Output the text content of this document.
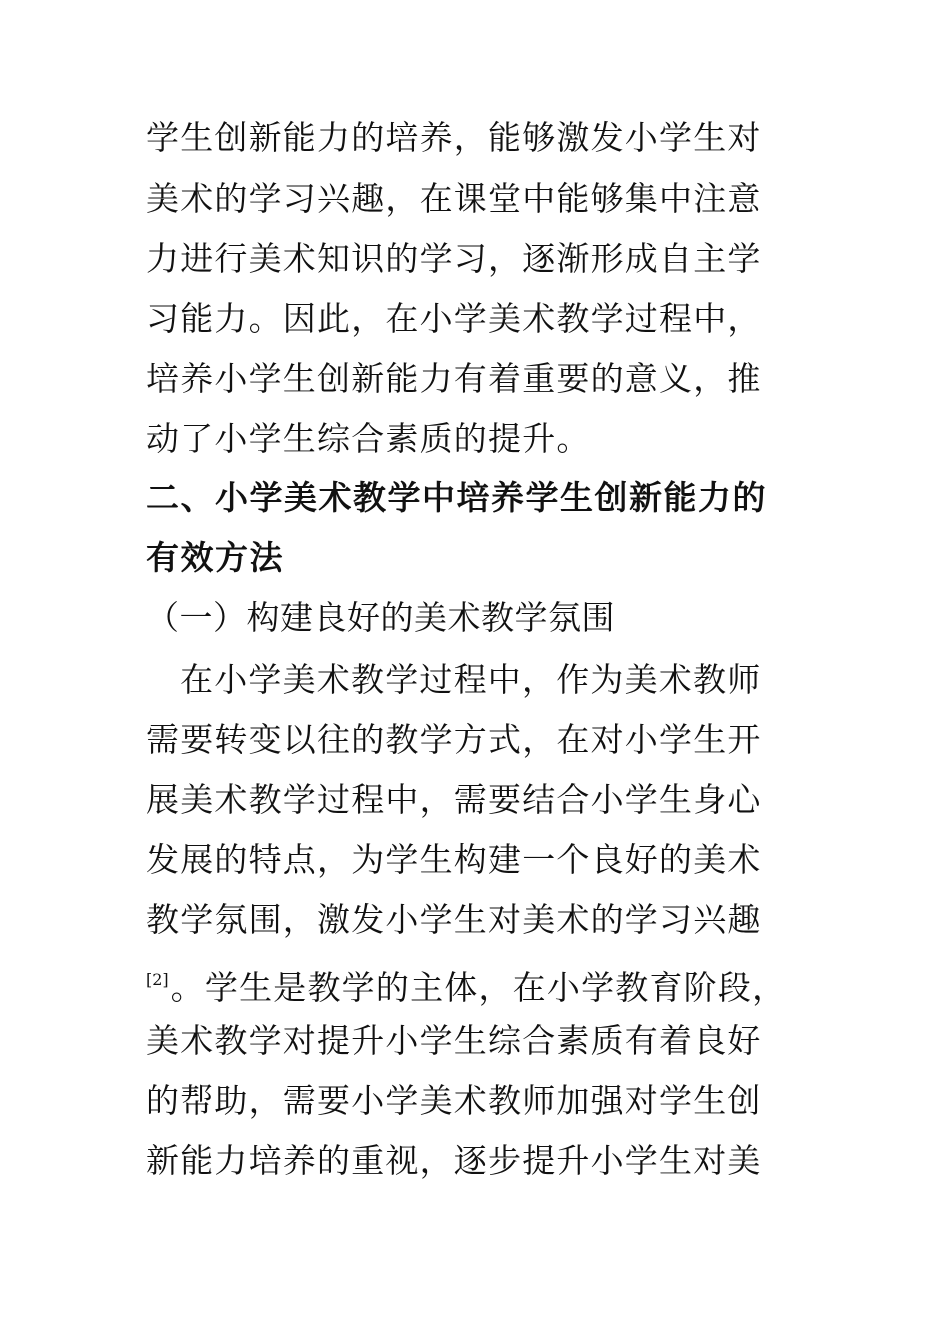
学生创新能力的培养，能够激发小学生对
美术的学习兴趣，在课堂中能够集中注意
力进行美术知识的学习，逐渐形成自主学
习能力。因此，在小学美术教学过程中，
培养小学生创新能力有着重要的意义，推
动了小学生综合素质的提升。
二、小学美术教学中培养学生创新能力的
有效方法
（一）构建良好的美术教学氛围
在小学美术教学过程中，作为美术教师
需要转变以往的教学方式，在对小学生开
展美术教学过程中，需要结合小学生身心
发展的特点，为学生构建一个良好的美术
教学氛围，激发小学生对美术的学习兴趣
[2]。学生是教学的主体，在小学教育阶段，
美术教学对提升小学生综合素质有着良好
的帮助，需要小学美术教师加强对学生创
新能力培养的重视，逐步提升小学生对美
